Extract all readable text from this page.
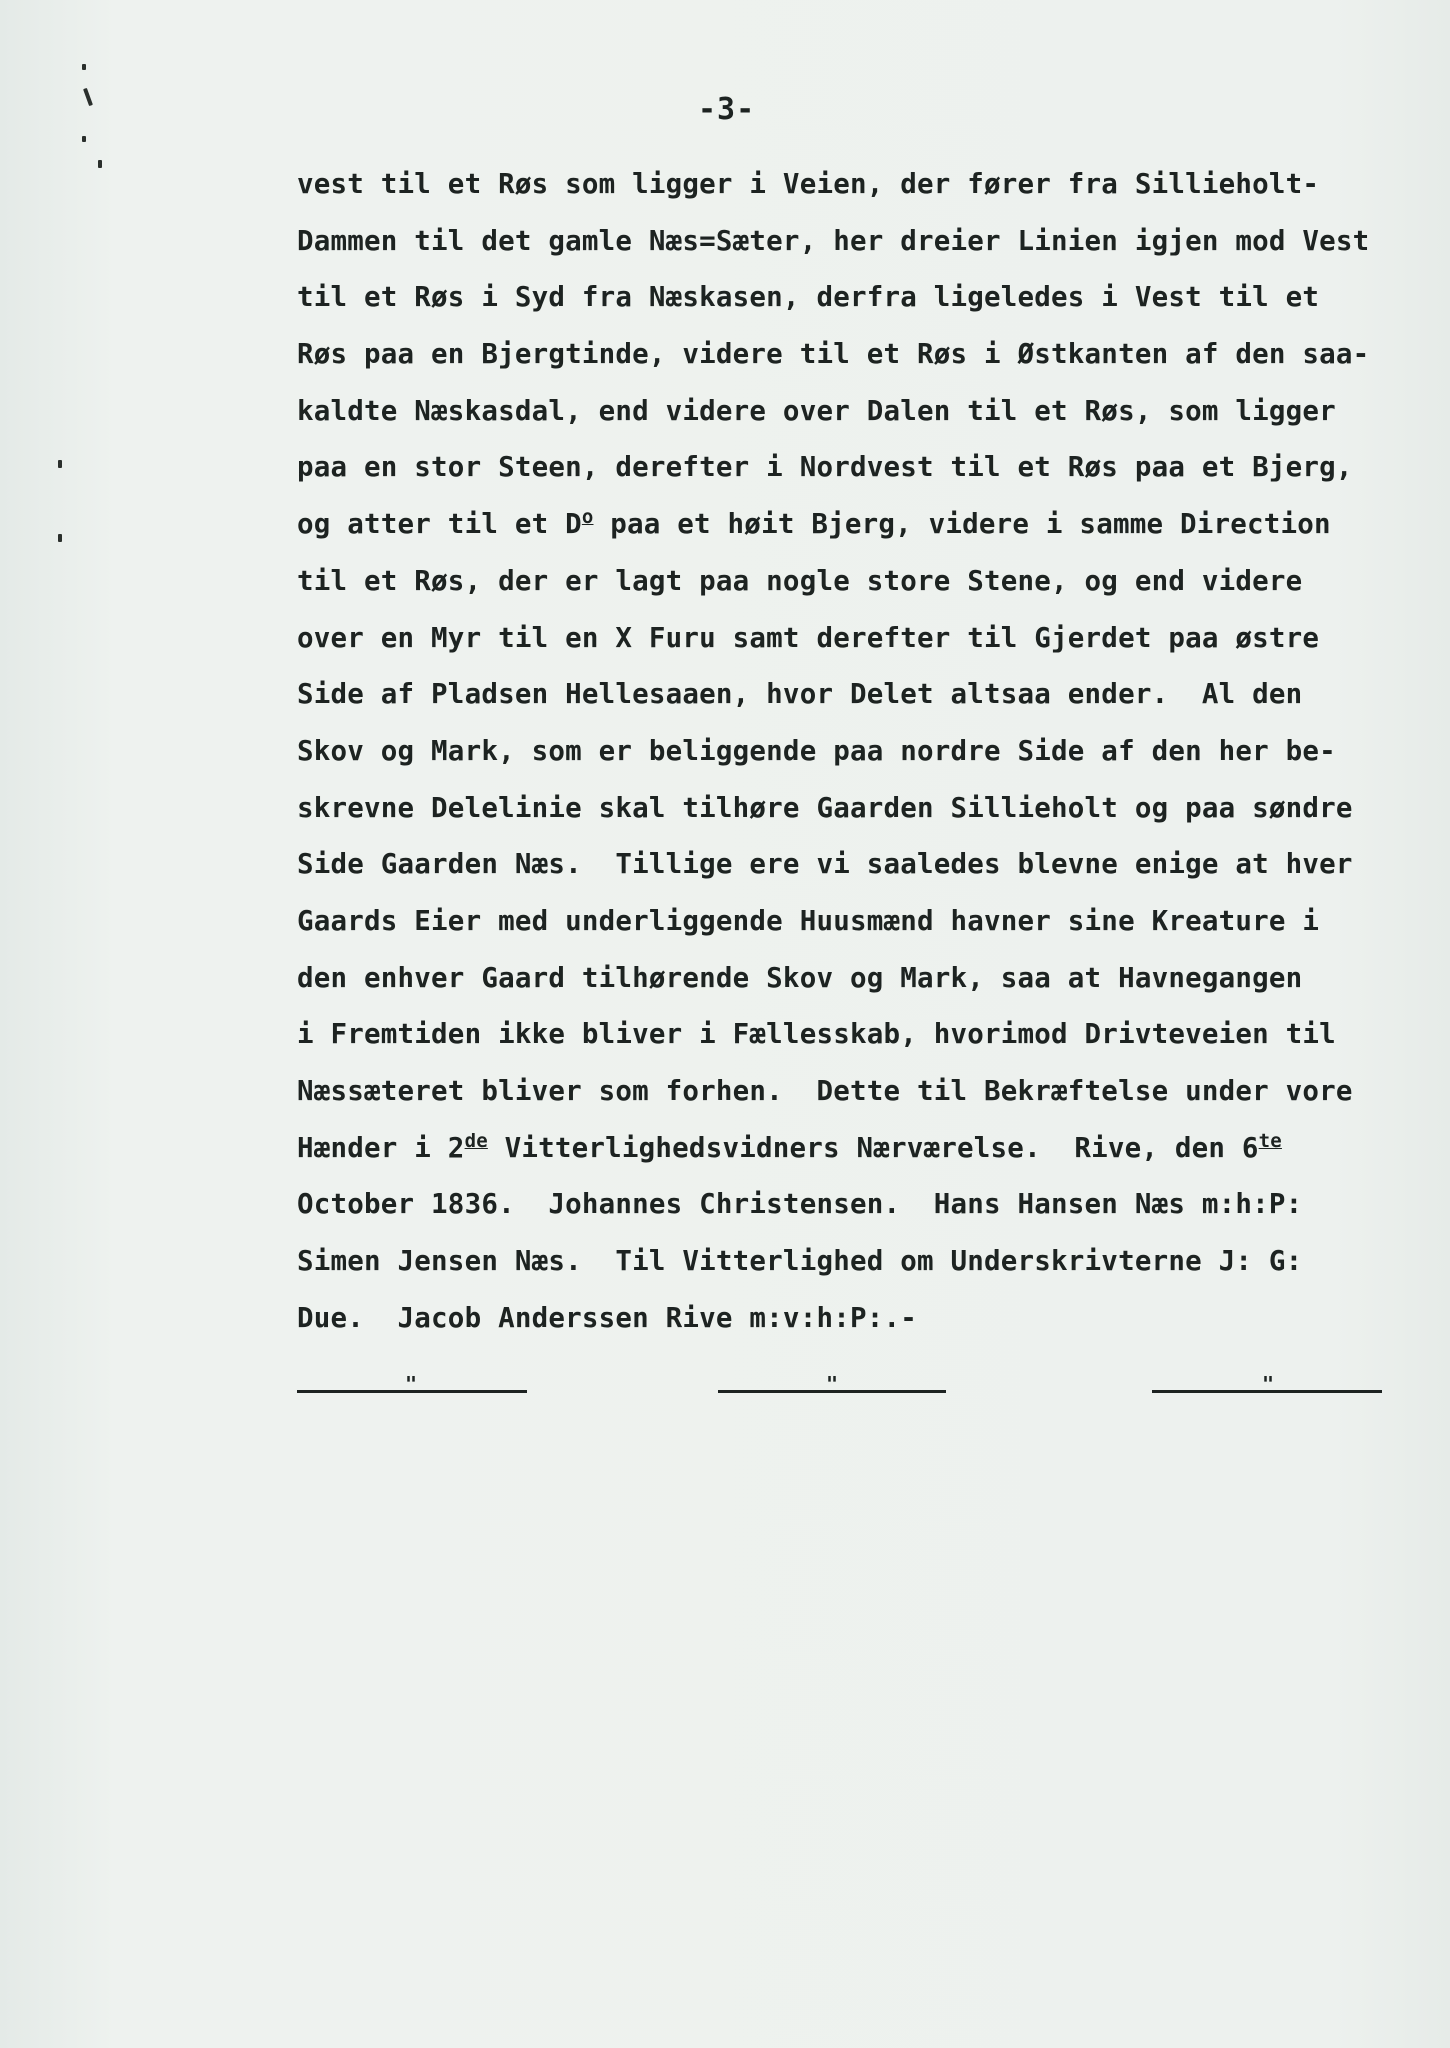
-3-
vest til et Røs som ligger i Veien, der fører fra Sillieholt-
Dammen til det gamle Næs=Sæter, her dreier Linien igjen mod Vest
til et Røs i Syd fra Næskasen, derfra ligeledes i Vest til et
Røs paa en Bjergtinde, videre til et Røs i Østkanten af den saa-
kaldte Næskasdal, end videre over Dalen til et Røs, som ligger
paa en stor Steen, derefter i Nordvest til et Røs paa et Bjerg,
og atter til et $D^o$ paa et høit Bjerg, videre i samme Direction
til et Røs, der er lagt paa nogle store Stene, og end videre
over en Myr til en X Furu samt derefter til Gjerdet paa østre
Side af Pladsen Hellesaaen, hvor Delet altsaa ender.  Al den
Skov og Mark, som er beliggende paa nordre Side af den her be-
skrevne Delelinie skal tilhøre Gaarden Sillieholt og paa søndre
Side Gaarden Næs.  Tillige ere vi saaledes blevne enige at hver
Gaards Eier med underliggende Huusmænd havner sine Kreature i
den enhver Gaard tilhørende Skov og Mark, saa at Havnegangen
i Fremtiden ikke bliver i Fællesskab, hvorimod Drivteveien til
Næssæteret bliver som forhen.  Dette til Bekræftelse under vore
Hænder i 2de Vitterlighedsvidners Nærværelse.  Rive, den $6^{te}$
October 1836.  Johannes Christensen.  Hans Hansen Næs m:h:P:
Simen Jensen Næs.  Til Vitterlighed om Underskrivterne J: G:
Due.  Jacob Anderssen Rive m:v:h:P:.-
"	"	"
